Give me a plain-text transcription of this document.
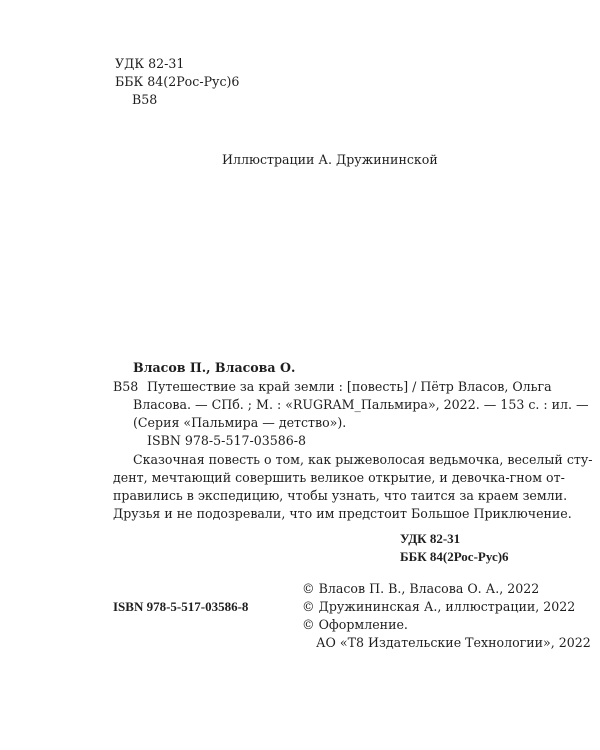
УДК 82-31
ББК 84(2Рос-Рус)6
В58
Иллюстрации А. Дружининской
Власов П., Власова О.
В58 Путешествие за край земли : [повесть] / Пётр Власов, Ольга
Власова. — СПб. ; М. : «RUGRAM_Пальмира», 2022. — 153 с. : ил. —
(Серия «Пальмира — детство»).
ISBN 978-5-517-03586-8
Сказочная повесть о том, как рыжеволосая ведьмочка, веселый сту-
дент, мечтающий совершить великое открытие, и девочка-гном от-
правились в экспедицию, чтобы узнать, что таится за краем земли.
Друзья и не подозревали, что им предстоит Большое Приключение.
УДК 82-31
ББК 84(2Рос-Рус)6
© Власов П. В., Власова О. А., 2022
© Дружининская А., иллюстрации, 2022
© Оформление.
АО «Т8 Издательские Технологии», 2022
ISBN 978-5-517-03586-8
